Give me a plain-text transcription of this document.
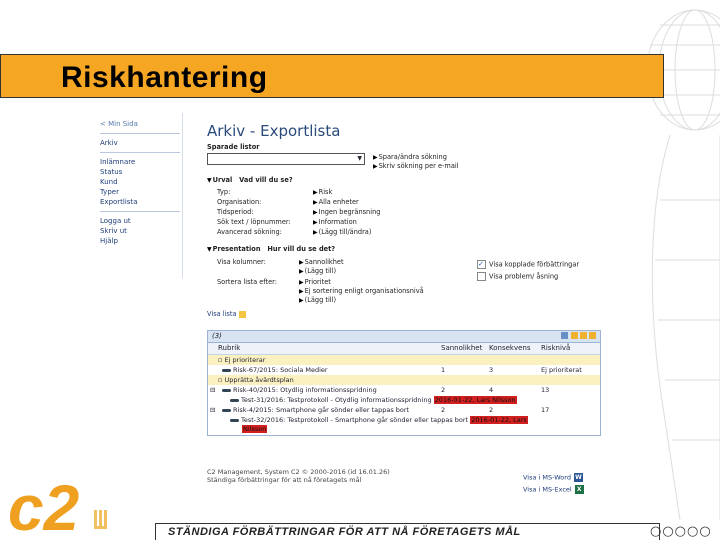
Riskhantering
< Min Sida
Arkiv
Inlämnare
Status
Kund
Typer
Exportlista
Logga ut
Skriv ut
Hjälp
Arkiv - Exportlista
Sparade listor
▼ ▶Spara/ändra sökning
▶Skriv sökning per e-mail
▼Urval Vad vill du se?
Typ:	▶Risk
Organisation:	▶Alla enheter
Tidsperiod:	▶Ingen begränsning
Sök text / löpnummer:	▶Information
Avancerad sökning:	▶(Lägg till/ändra)
▼Presentation Hur vill du se det?
Visa kolumner:	▶Sannolikhet
▶(Lägg till)
Sortera lista efter:	▶Prioritet
▶Ej sortering enligt organisationsnivå
▶(Lägg till)
✓Visa kopplade förbättringar
Visa problem/ åsning
Visa lista
(3)

Rubrik	Sannolikhet Konsekvens Risknivå
▫ Ej prioriterar
Risk-67/2015: Sociala Medier	1	3	Ej prioriterat
▫ Upprätta åvärdtsplan
⊟	Risk-40/2015: Otydlig informationsspridning	2	4	13
Test-31/2016: Testprotokoll - Otydlig informationsspridning 2016-01-22, Lars Nilsson
⊟	Risk-4/2015: Smartphone går sönder eller tappas bort	2	2	17
Test-32/2016: Testprotokoll - Smartphone går sönder eller tappas bort 2016-01-22, Lars
Nilsson
C2 Management, System C2 © 2000-2016 (id 16.01.26)
Ständiga förbättringar för att nå företagets mål	Visa i MS-Word W
Visa i MS-Excel X
c2	STÄNDIGA FÖRBÄTTRINGAR FÖR ATT NÅ FÖRETAGETS MÅL	○○○○○
